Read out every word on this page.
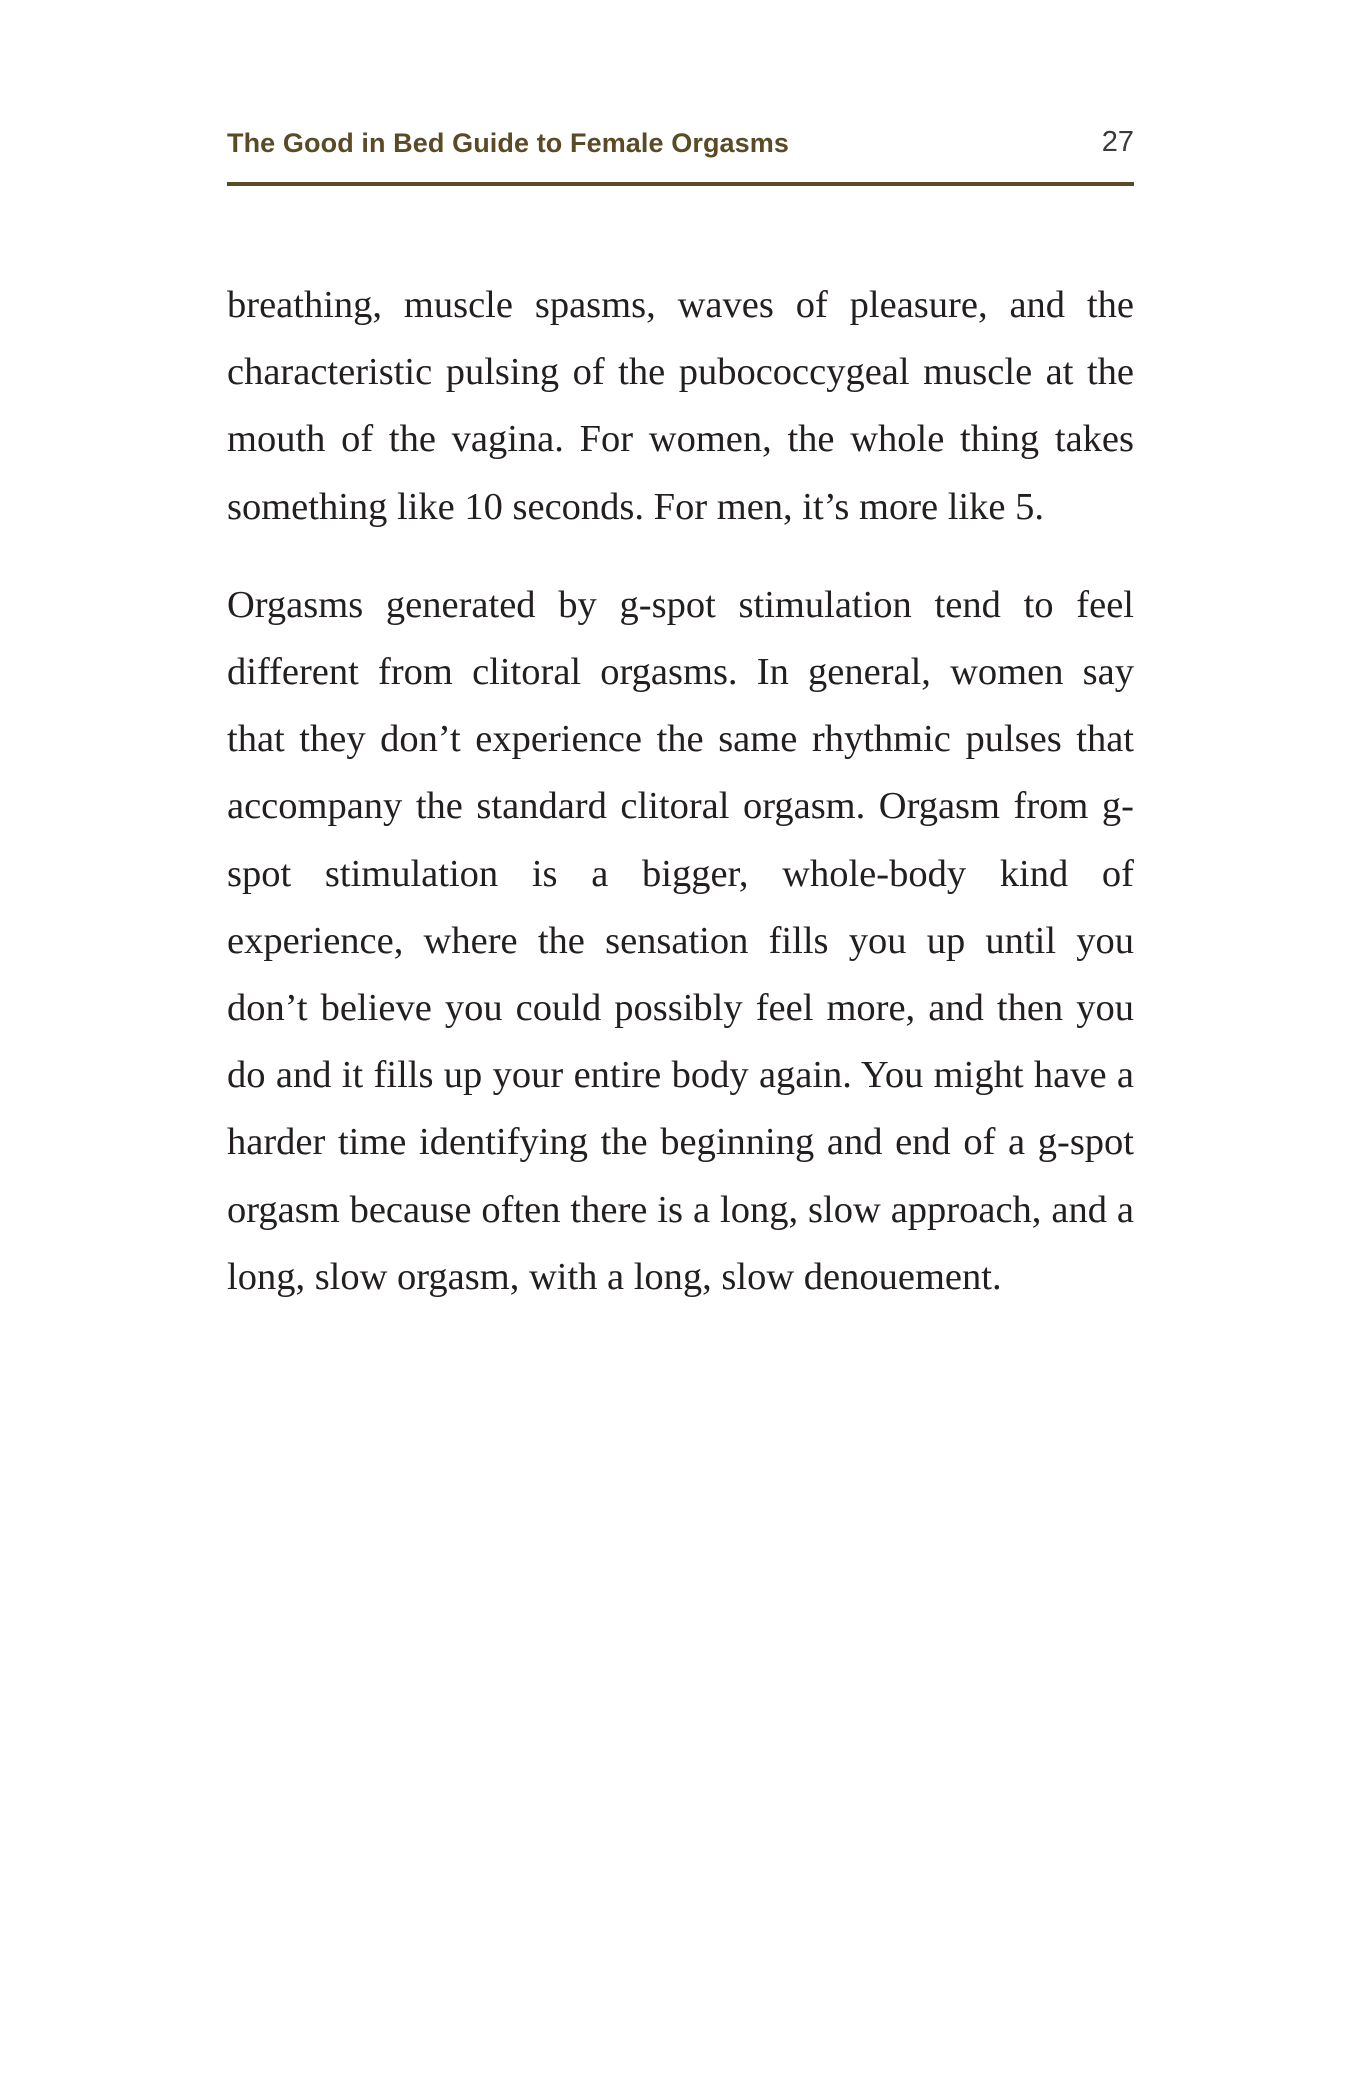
The Good in Bed Guide to Female Orgasms	27

breathing, muscle spasms, waves of pleasure, and the characteristic pulsing of the pubococcygeal muscle at the mouth of the vagina. For women, the whole thing takes something like 10 seconds. For men, it’s more like 5.

Orgasms generated by g-spot stimulation tend to feel different from clitoral orgasms. In general, women say that they don’t experience the same rhythmic pulses that accompany the standard clitoral orgasm. Orgasm from g-spot stimulation is a bigger, whole-body kind of experience, where the sensation fills you up until you don’t believe you could possibly feel more, and then you do and it fills up your entire body again. You might have a harder time identifying the beginning and end of a g-spot orgasm because often there is a long, slow approach, and a long, slow orgasm, with a long, slow denouement.
